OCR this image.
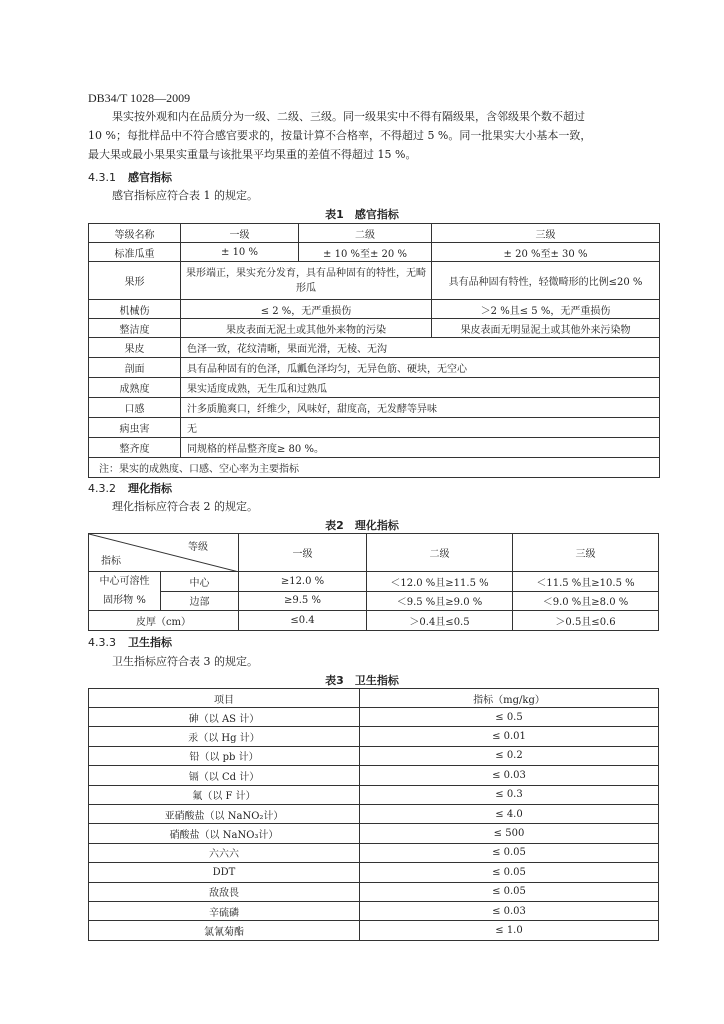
DB34/T 1028—2009
果实按外观和内在品质分为一级、二级、三级。同一级果实中不得有隔级果，含邻级果个数不超过
10 %；每批样品中不符合感官要求的，按量计算不合格率，不得超过 5 %。同一批果实大小基本一致，
最大果或最小果果实重量与该批果平均果重的差值不得超过 15 %。
4.3.1 感官指标
感官指标应符合表 1 的规定。
表1　感官指标
等级名称	一级	二级	三级
标准瓜重	± 10 %	± 10 %至± 20 %	± 20 %至± 30 %
果形	果形端正，果实充分发育，具有品种固有的特性，无畸形瓜		具有品种固有特性，轻微畸形的比例≤20 %
机械伤	≤ 2 %，无严重损伤		＞2 %且≤ 5 %，无严重损伤
整洁度	果皮表面无泥土或其他外来物的污染		果皮表面无明显泥土或其他外来污染物
果皮	色泽一致，花纹清晰，果面光滑，无棱、无沟		
剖面	具有品种固有的色泽，瓜瓤色泽均匀，无异色筋、硬块，无空心		
成熟度	果实适度成熟，无生瓜和过熟瓜		
口感	汁多质脆爽口，纤维少，风味好，甜度高，无发酵等异味		
病虫害	无		
整齐度	同规格的样品整齐度≥ 80 %。		
注：果实的成熟度、口感、空心率为主要指标			
4.3.2 理化指标
理化指标应符合表 2 的规定。
表2　理化指标
等级
指标		一级	二级	三级

中心可溶性
固形物 %	中心	≥12.0 %	＜12.0 %且≥11.5 %	＜11.5 %且≥10.5 %
	边部	≥9.5 %	＜9.5 %且≥9.0 %	＜9.0 %且≥8.0 %
皮厚（cm）		≤0.4	＞0.4且≤0.5	＞0.5且≤0.6
4.3.3 卫生指标
卫生指标应符合表 3 的规定。
表3　卫生指标
项目	指标（mg/kg）
砷（以 AS 计）	≤ 0.5
汞（以 Hg 计）	≤ 0.01
铅（以 pb 计）	≤ 0.2
镉（以 Cd 计）	≤ 0.03
氟（以 F 计）	≤ 0.3
亚硝酸盐（以 NaNO₂计）	≤ 4.0
硝酸盐（以 NaNO₃计）	≤ 500
六六六	≤ 0.05
DDT	≤ 0.05
敌敌畏	≤ 0.05
辛硫磷	≤ 0.03
氯氰菊酯	≤ 1.0
